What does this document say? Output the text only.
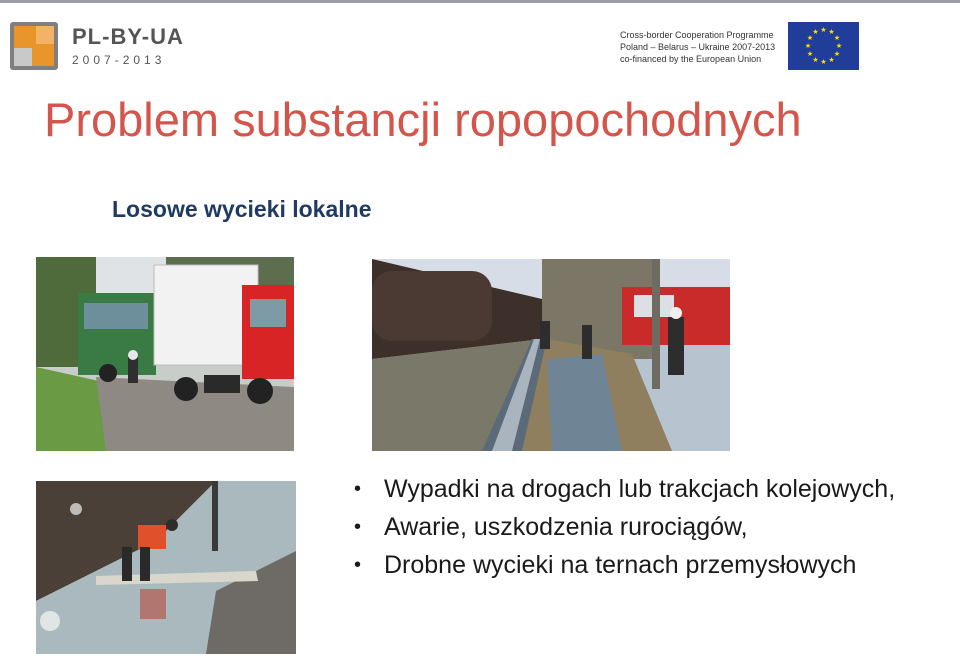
PL-BY-UA
2007-2013
Cross-border Cooperation Programme
Poland – Belarus – Ukraine 2007-2013
co-financed by the European Union
★ ★
★
★
★
★
★
★
★
★
★
★
Problem substancji ropopochodnych
Losowe wycieki lokalne
• Wypadki na drogach lub trakcjach kolejowych,
• Awarie, uszkodzenia rurociągów,
• Drobne wycieki na ternach przemysłowych
